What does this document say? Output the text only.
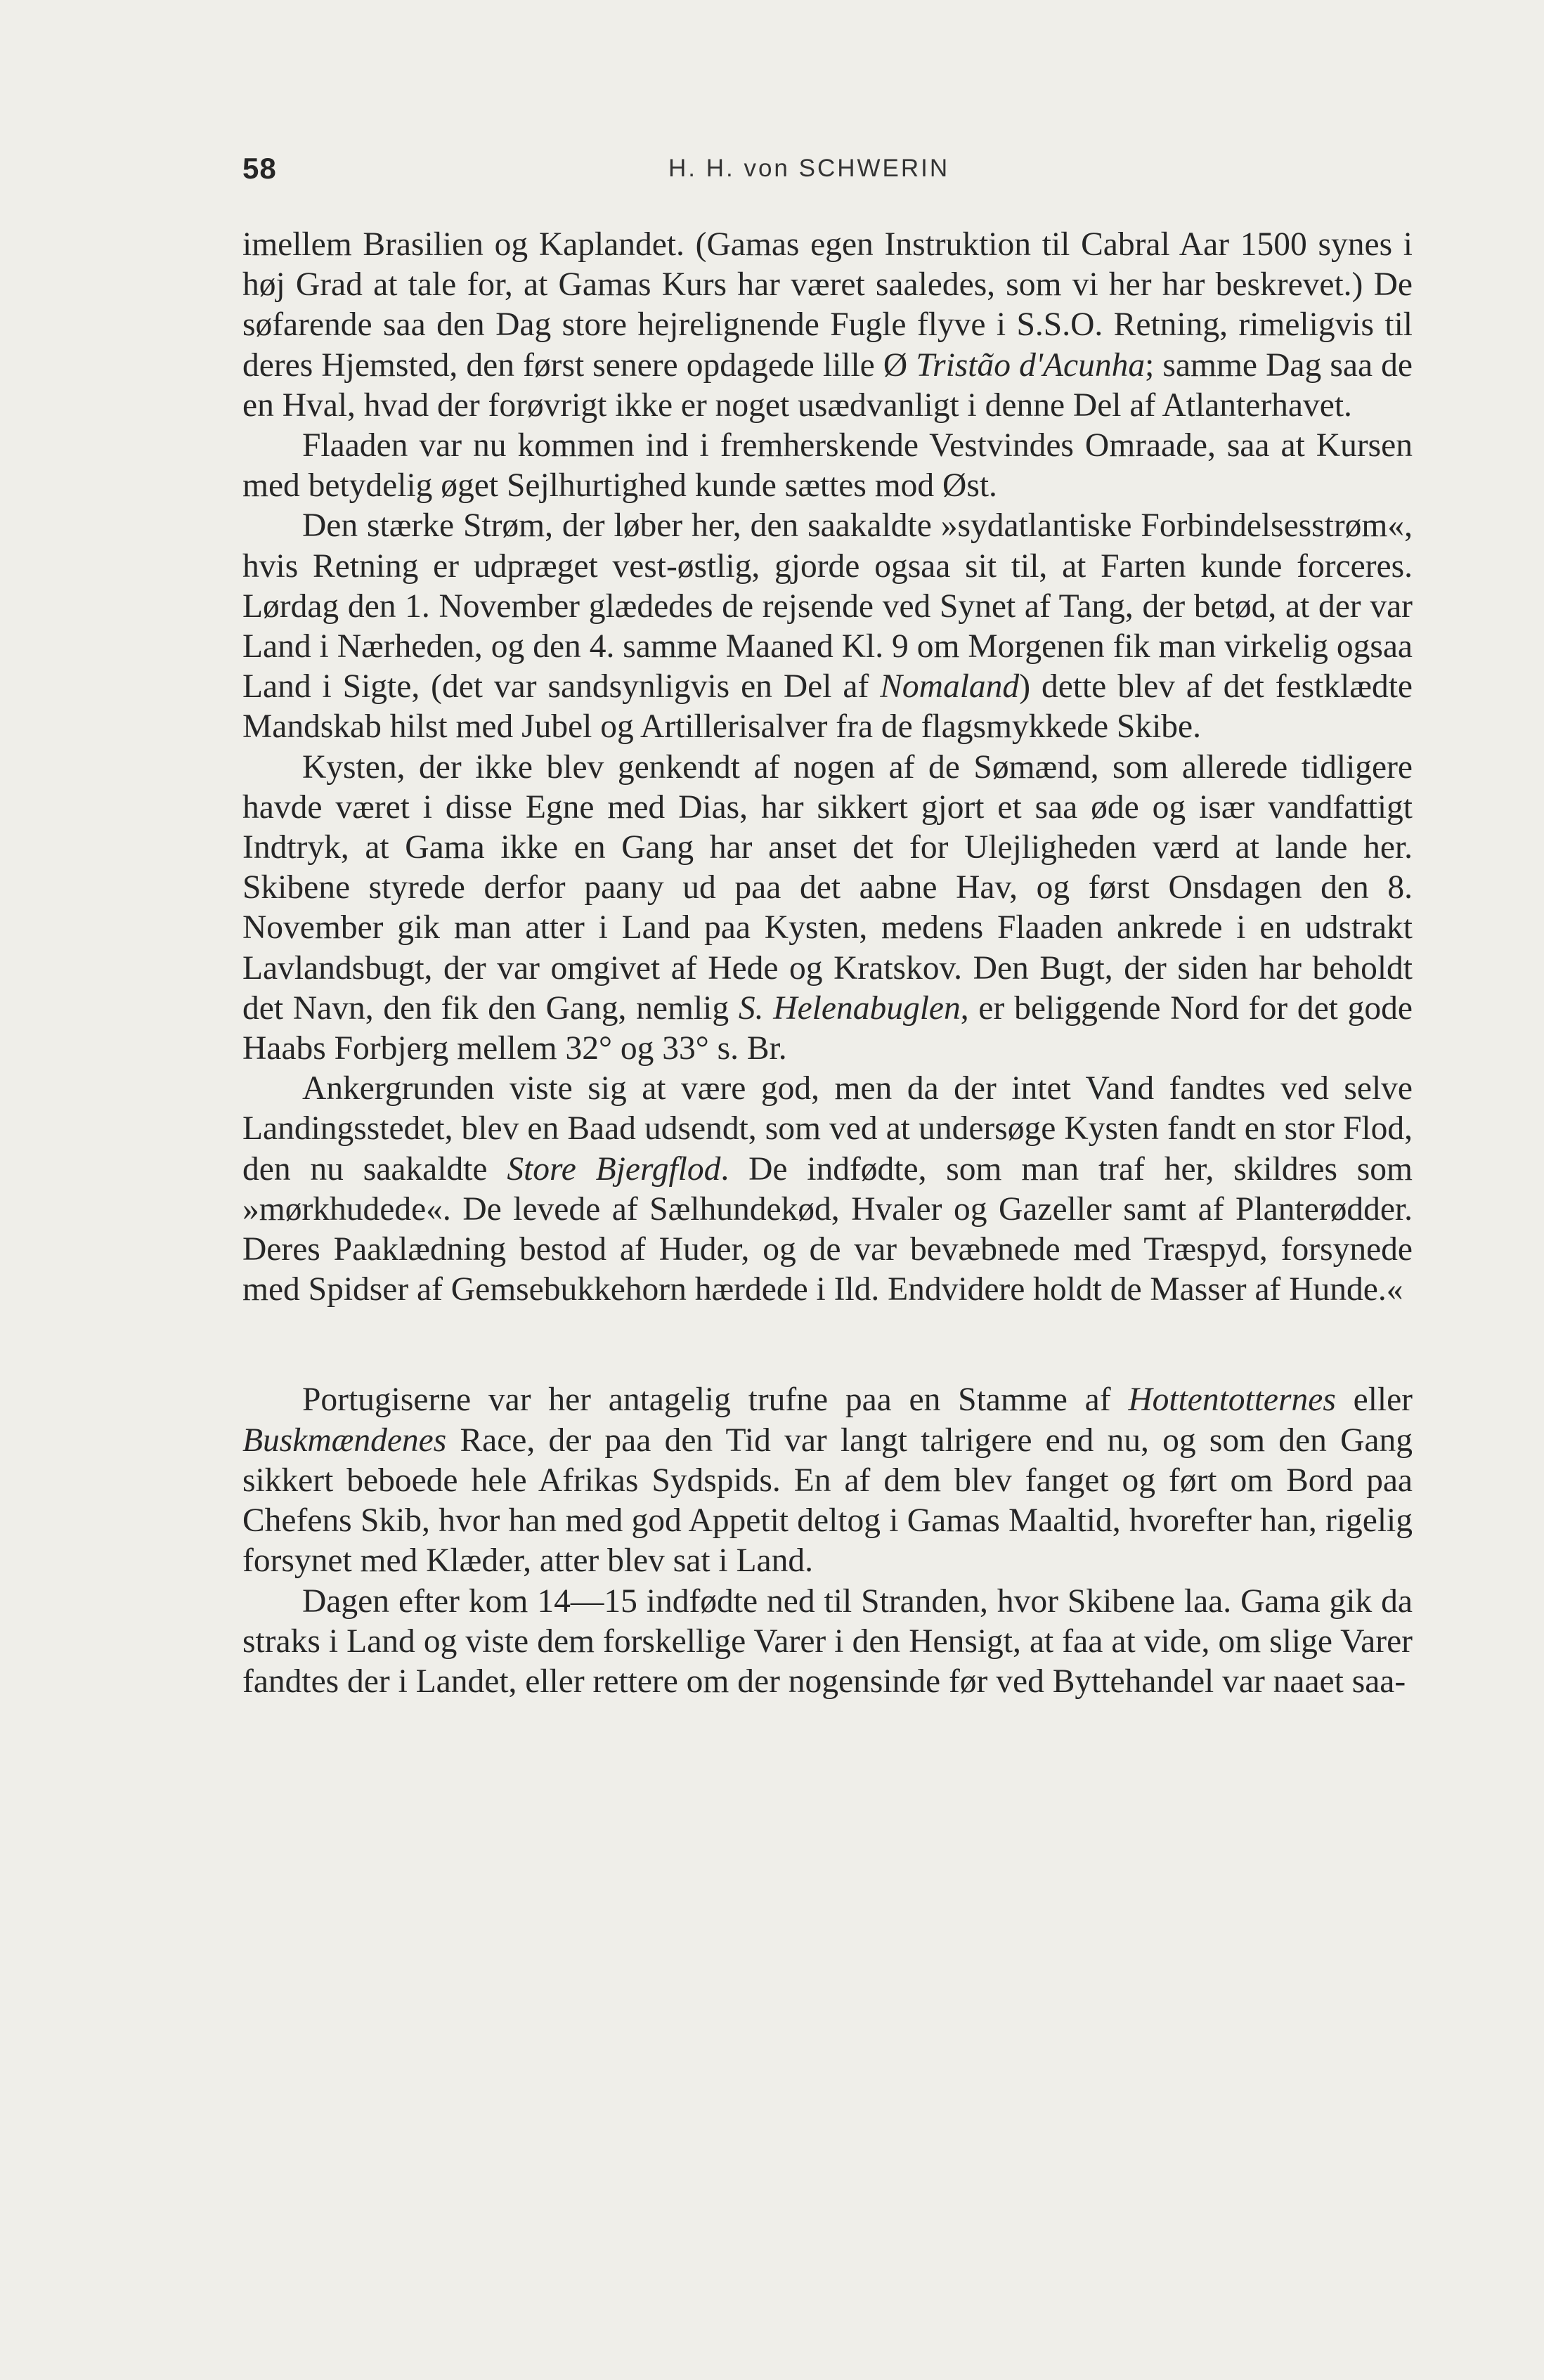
58	H. H. von SCHWERIN

imellem Brasilien og Kaplandet. (Gamas egen Instruktion til Cabral Aar 1500 synes i høj Grad at tale for, at Gamas Kurs har været saaledes, som vi her har beskrevet.) De søfarende saa den Dag store hejrelignende Fugle flyve i S.S.O. Retning, rimeligvis til deres Hjemsted, den først senere opdagede lille Ø Tristão d'Acunha; samme Dag saa de en Hval, hvad der forøvrigt ikke er noget usædvanligt i denne Del af Atlanterhavet.

Flaaden var nu kommen ind i fremherskende Vestvindes Omraade, saa at Kursen med betydelig øget Sejlhurtighed kunde sættes mod Øst.

Den stærke Strøm, der løber her, den saakaldte »sydatlantiske Forbindelsesstrøm«, hvis Retning er udpræget vest-østlig, gjorde ogsaa sit til, at Farten kunde forceres. Lørdag den 1. November glædedes de rejsende ved Synet af Tang, der betød, at der var Land i Nærheden, og den 4. samme Maaned Kl. 9 om Morgenen fik man virkelig ogsaa Land i Sigte, (det var sandsynligvis en Del af Nomaland) dette blev af det festklædte Mandskab hilst med Jubel og Artillerisalver fra de flagsmykkede Skibe.

Kysten, der ikke blev genkendt af nogen af de Sømænd, som allerede tidligere havde været i disse Egne med Dias, har sikkert gjort et saa øde og især vandfattigt Indtryk, at Gama ikke en Gang har anset det for Ulejligheden værd at lande her. Skibene styrede derfor paany ud paa det aabne Hav, og først Onsdagen den 8. November gik man atter i Land paa Kysten, medens Flaaden ankrede i en udstrakt Lavlandsbugt, der var omgivet af Hede og Kratskov. Den Bugt, der siden har beholdt det Navn, den fik den Gang, nemlig S. Helenabuglen, er beliggende Nord for det gode Haabs Forbjerg mellem 32° og 33° s. Br.

Ankergrunden viste sig at være god, men da der intet Vand fandtes ved selve Landingsstedet, blev en Baad udsendt, som ved at undersøge Kysten fandt en stor Flod, den nu saakaldte Store Bjergflod. De indfødte, som man traf her, skildres som »mørkhudede«. De levede af Sælhundekød, Hvaler og Gazeller samt af Planterødder. Deres Paaklædning bestod af Huder, og de var bevæbnede med Træspyd, forsynede med Spidser af Gemsebukkehorn hærdede i Ild. Endvidere holdt de Masser af Hunde.«

Portugiserne var her antagelig trufne paa en Stamme af Hottentotternes eller Buskmændenes Race, der paa den Tid var langt talrigere end nu, og som den Gang sikkert beboede hele Afrikas Sydspids. En af dem blev fanget og ført om Bord paa Chefens Skib, hvor han med god Appetit deltog i Gamas Maaltid, hvorefter han, rigelig forsynet med Klæder, atter blev sat i Land.

Dagen efter kom 14—15 indfødte ned til Stranden, hvor Skibene laa. Gama gik da straks i Land og viste dem forskellige Varer i den Hensigt, at faa at vide, om slige Varer fandtes der i Landet, eller rettere om der nogensinde før ved Byttehandel var naaet saa-
